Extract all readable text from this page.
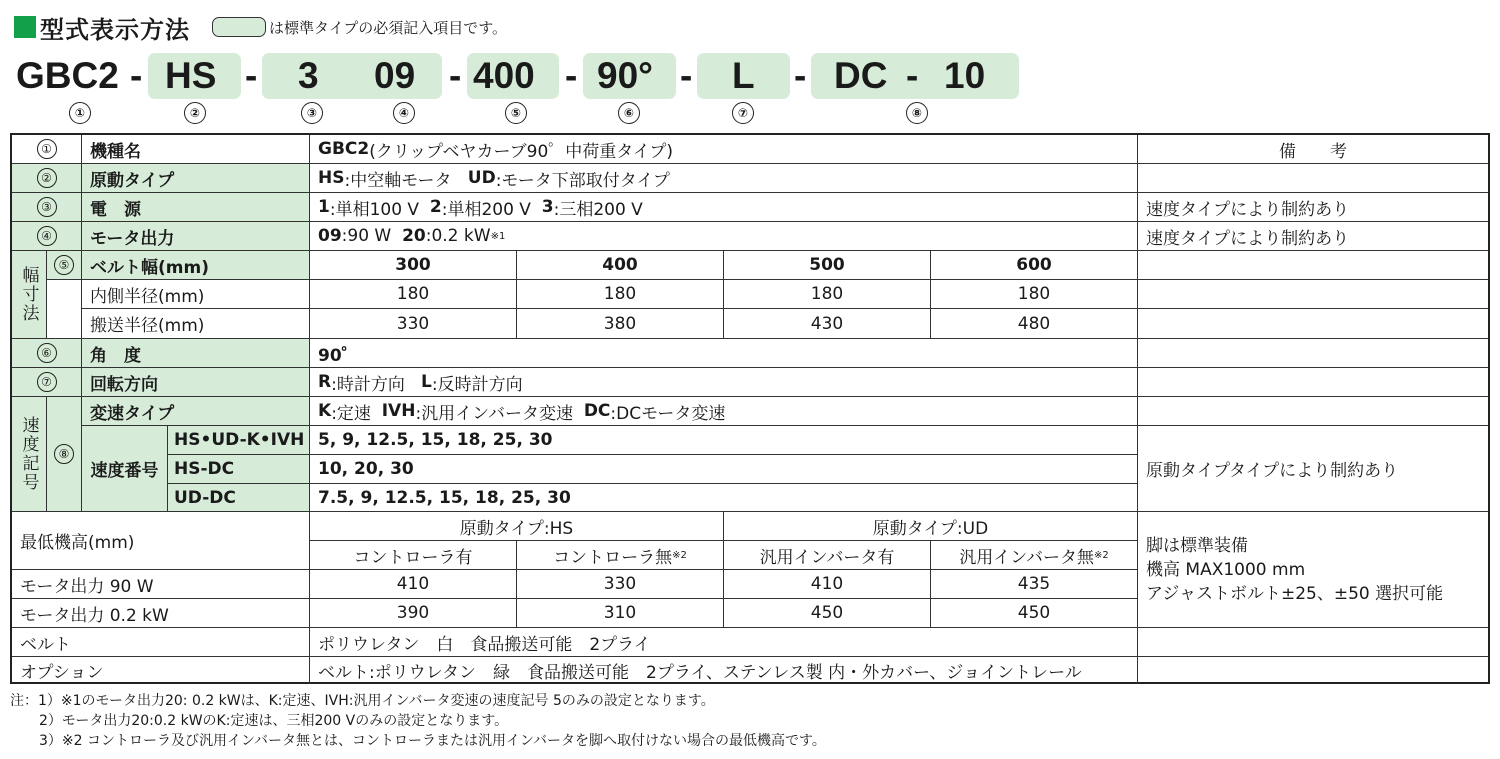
型式表示方法	は標準タイプの必須記入項目です。
GBC2 - HS - 3 09 - 400 - 90° - L - DC - 10
①	②	③	④	⑤	⑥	⑦	⑧
①	機種名	GBC2 (クリップベヤカーブ90゜中荷重タイプ)	備　　考
②	原動タイプ	HS :中空軸モータ
UD :モータ下部取付タイプ
③	電　源	1 :単相100 V
2 :単相200 V
3 :三相200 V	速度タイプにより制約あり
④	モータ出力	09 :90 W
20 :0.2 kW ※1	速度タイプにより制約あり
幅寸法
⑤	ベルト幅(mm)	300	400	500	600
内側半径(mm)	180	180	180	180
搬送半径(mm)	330	380	430	480
⑥	角　度	90゜
⑦	回転方向	R :時計方向
L :反時計方向
速度記号	⑧
変速タイプ	K :定速
IVH :汎用インバータ変速
DC :DCモータ変速
速度番号
HS•UD-K•IVH 5, 9, 12.5, 15, 18, 25, 30
HS-DC	10, 20, 30
UD-DC	7.5, 9, 12.5, 15, 18, 25, 30
原動タイプタイプにより制約あり
最低機高(mm)
原動タイプ:HS	原動タイプ:UD
コントローラ有	コントローラ無 ※2	汎用インバータ有	汎用インバータ無 ※2
モータ出力 90 W	410	330	410	435
モータ出力 0.2 kW	390	310	450	450
脚は標準装備
機高 MAX1000 mm
アジャストボルト±25、±50 選択可能
ベルト	ポリウレタン　白　食品搬送可能　2プライ
オプション	ベルト:ポリウレタン　緑　食品搬送可能　2プライ、ステンレス製 内・外カバー、ジョイントレール
注：1）※1のモータ出力20: 0.2 kWは、K:定速、IVH:汎用インバータ変速の速度記号 5のみの設定となります。
2）モータ出力20:0.2 kWのK:定速は、三相200 Vのみの設定となります。
3）※2 コントローラ及び汎用インバータ無とは、コントローラまたは汎用インバータを脚へ取付けない場合の最低機高です。
